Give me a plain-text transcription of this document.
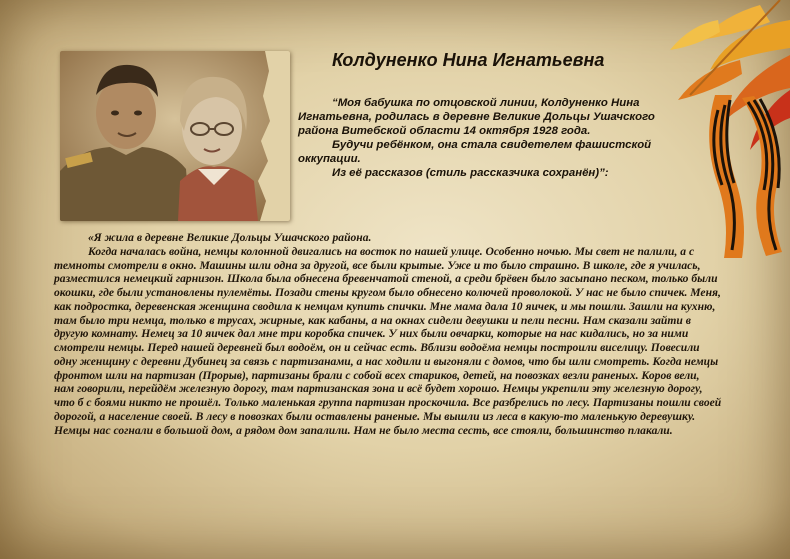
Колдуненко Нина Игнатьевна

“Моя бабушка по отцовской линии, Колдуненко Нина Игнатьевна, родилась в деревне Великие Дольцы Ушачского района Витебской области 14 октября 1928 года.

Будучи ребёнком, она стала свидетелем фашистской оккупации.

Из её рассказов (стиль рассказчика сохранён)”:

«Я жила в деревне Великие Дольцы Ушачского района.

Когда началась война, немцы колонной двигались на восток по нашей улице. Особенно ночью. Мы свет не палили, а с темноты смотрели в окно. Машины шли одна за другой, все были крытые. Уже и то было страшно. В школе, где я училась, разместился немецкий гарнизон. Школа была обнесена бревенчатой стеной, а среди брёвен было засыпано песком, только были окошки, где были установлены пулемёты. Позади стены кругом было обнесено колючей проволокой. У нас не было спичек. Меня, как подростка, деревенская женщина сводила к немцам купить спички. Мне мама дала 10 яичек, и мы пошли. Зашли на кухню, там было три немца, только в трусах, жирные, как кабаны, а на окнах сидели девушки и пели песни. Нам сказали зайти в другую комнату. Немец за 10 яичек дал мне три коробка спичек. У них были овчарки, которые на нас кидались, но за ними смотрели немцы. Перед нашей деревней был водоём, он и сейчас есть. Вблизи водоёма немцы построили виселицу. Повесили одну женщину с деревни Дубинец за связь с партизанами, а нас ходили и выгоняли с домов, что бы шли смотреть. Когда немцы фронтом шли на партизан (Прорыв), партизаны брали с собой всех стариков, детей, на повозках везли раненых. Коров вели, нам говорили, перейдём железную дорогу, там партизанская зона и всё будет хорошо. Немцы укрепили эту железную дорогу, что б с боями никто не прошёл. Только маленькая группа партизан проскочила. Все разбрелись по лесу. Партизаны пошли своей дорогой, а население своей. В лесу в повозках были оставлены раненые. Мы вышли из леса в какую-то маленькую деревушку. Немцы нас согнали в большой дом, а рядом дом запалили. Нам не было места сесть, все стояли, большинство плакали.
